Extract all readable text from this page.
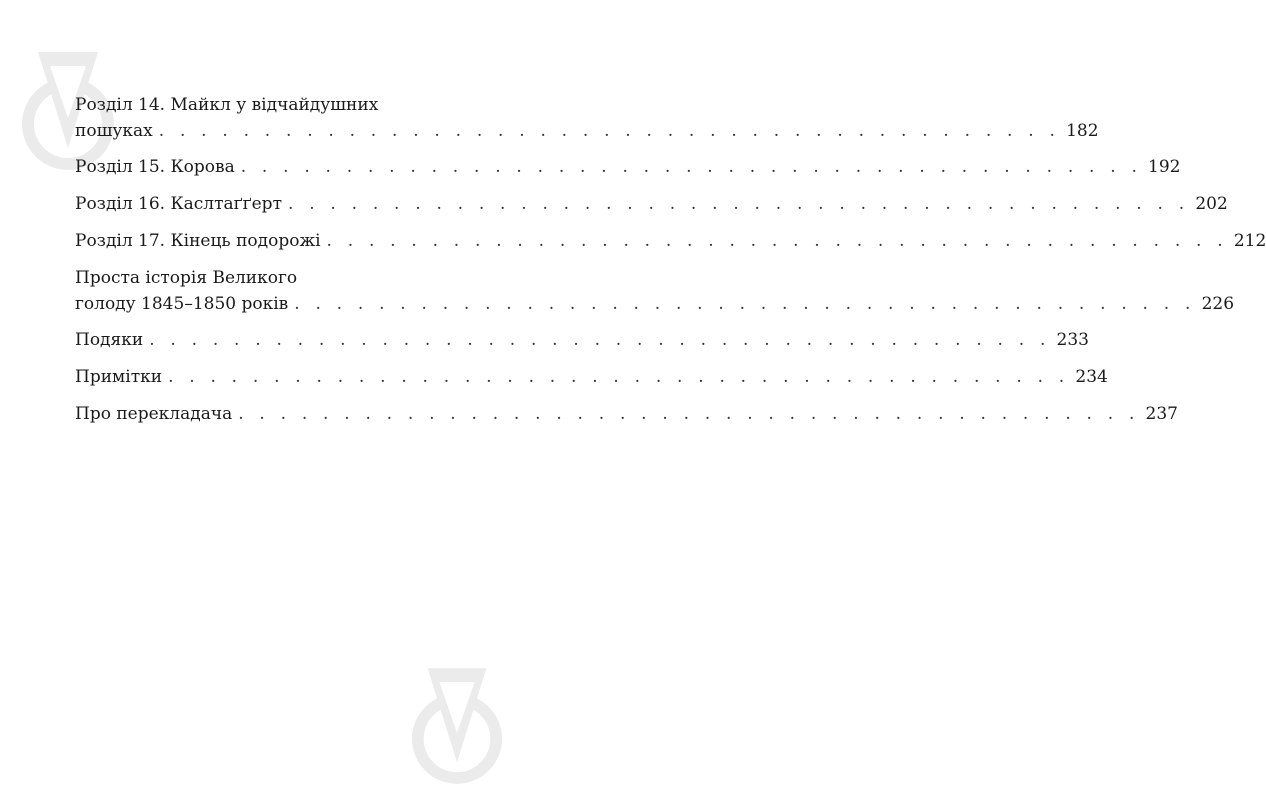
Розділ 14. Майкл у відчайдушних
пошуках . . . . . . . . . . . . . . . . . . . . . . . . . . . . . . . . . . . . . . . . . . . 182
Розділ 15. Корова . . . . . . . . . . . . . . . . . . . . . . . . . . . . . . . . . . . . . . . . . . . 192
Розділ 16. Каслтаґґерт . . . . . . . . . . . . . . . . . . . . . . . . . . . . . . . . . . . . . . . . . . . 202
Розділ 17. Кінець подорожі . . . . . . . . . . . . . . . . . . . . . . . . . . . . . . . . . . . . . . . . . . . 212
Проста історія Великого
голоду 1845–1850 років . . . . . . . . . . . . . . . . . . . . . . . . . . . . . . . . . . . . . . . . . . . 226
Подяки . . . . . . . . . . . . . . . . . . . . . . . . . . . . . . . . . . . . . . . . . . . 233
Примітки . . . . . . . . . . . . . . . . . . . . . . . . . . . . . . . . . . . . . . . . . . . 234
Про перекладача . . . . . . . . . . . . . . . . . . . . . . . . . . . . . . . . . . . . . . . . . . . 237
